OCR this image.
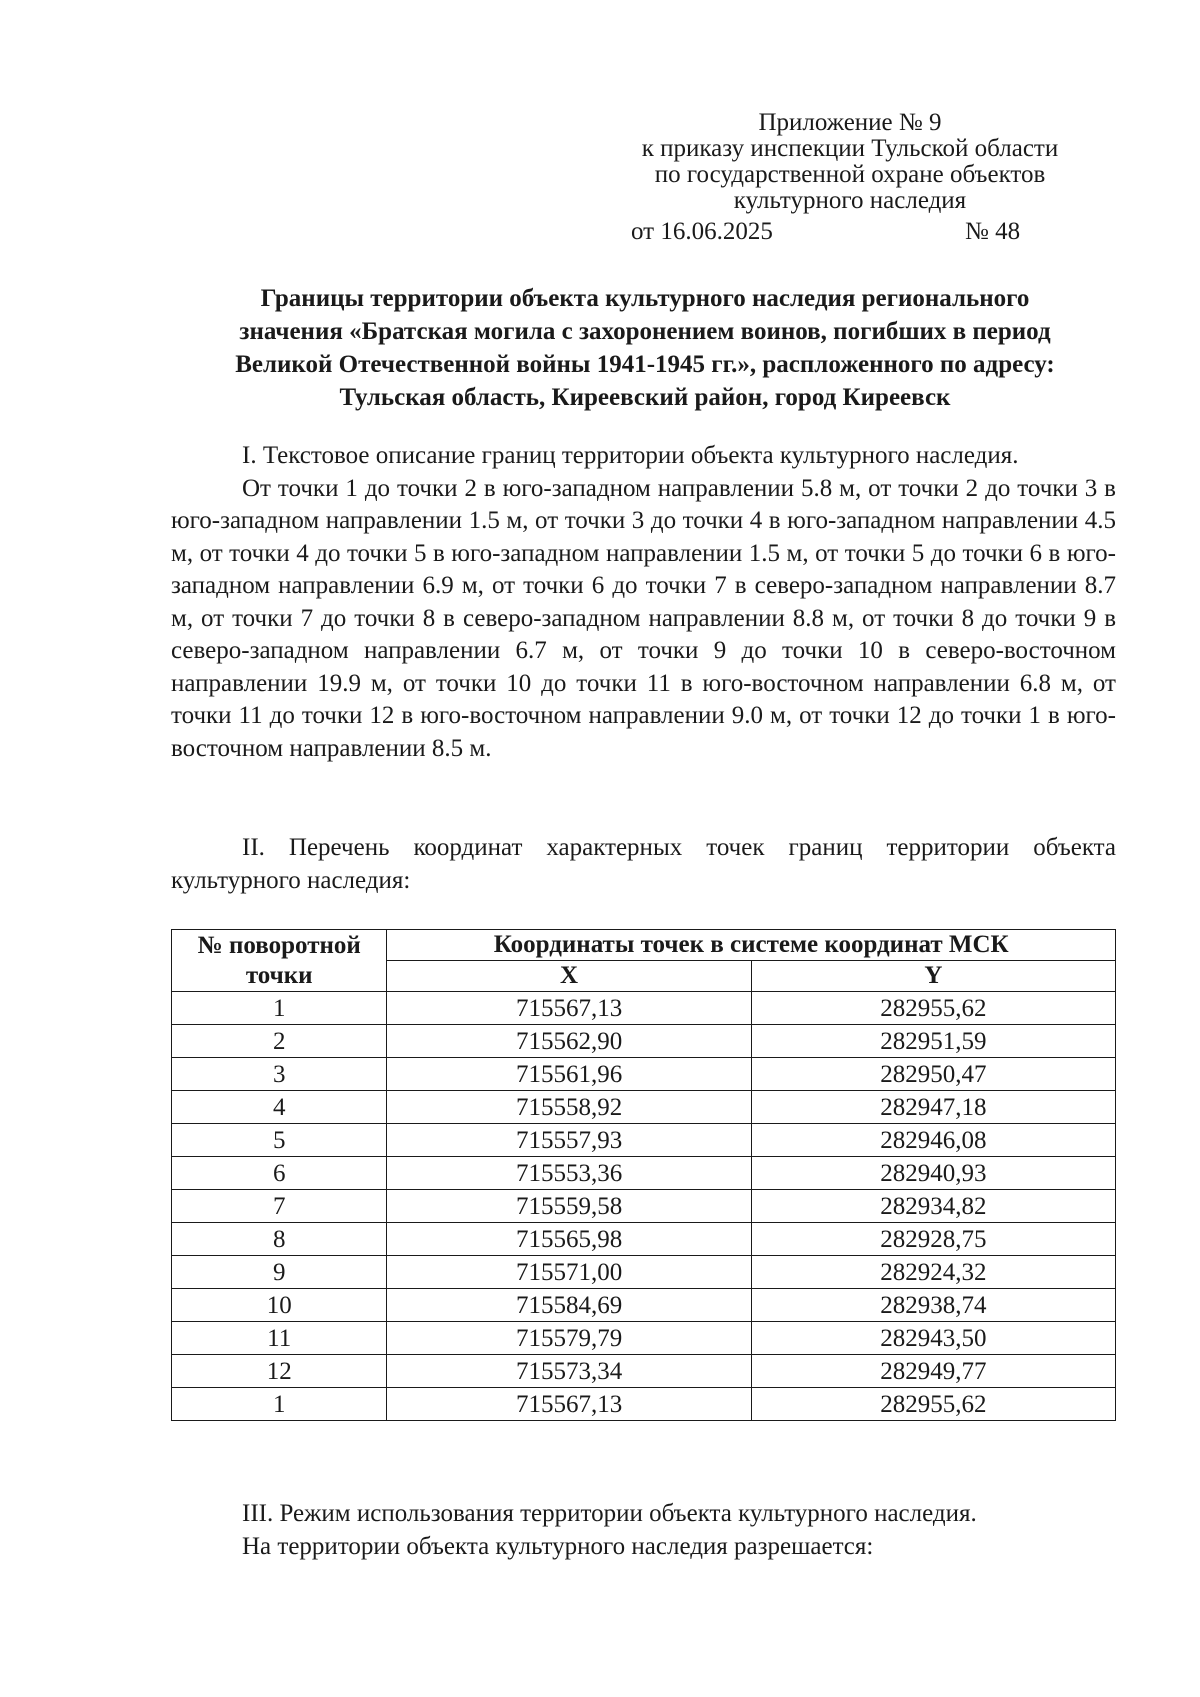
Приложение № 9
к приказу инспекции Тульской области
по государственной охране объектов
культурного наследия
от 16.06.2025	№ 48
Границы территории объекта культурного наследия регионального
значения «Братская могила с захоронением воинов, погибших в период
Великой Отечественной войны 1941-1945 гг.», распложенного по адресу:
Тульская область, Киреевский район, город Киреевск

I. Текстовое описание границ территории объекта культурного наследия.

От точки 1 до точки 2 в юго-западном направлении 5.8 м, от точки 2 до точки 3 в юго-западном направлении 1.5 м, от точки 3 до точки 4 в юго-западном направлении 4.5 м, от точки 4 до точки 5 в юго-западном направлении 1.5 м, от точки 5 до точки 6 в юго-западном направлении 6.9 м, от точки 6 до точки 7 в северо-западном направлении 8.7 м, от точки 7 до точки 8 в северо-западном направлении 8.8 м, от точки 8 до точки 9 в северо-западном направлении 6.7 м, от точки 9 до точки 10 в северо-восточном направлении 19.9 м, от точки 10 до точки 11 в юго-восточном направлении 6.8 м, от точки 11 до точки 12 в юго-восточном направлении 9.0 м, от точки 12 до точки 1 в юго-восточном направлении 8.5 м.

II. Перечень координат характерных точек границ территории объекта культурного наследия:

№ поворотной точки	Координаты точек в системе координат МСК	
	X	Y
1	715567,13	282955,62
2	715562,90	282951,59
3	715561,96	282950,47
4	715558,92	282947,18
5	715557,93	282946,08
6	715553,36	282940,93
7	715559,58	282934,82
8	715565,98	282928,75
9	715571,00	282924,32
10	715584,69	282938,74
11	715579,79	282943,50
12	715573,34	282949,77
1	715567,13	282955,62

III. Режим использования территории объекта культурного наследия.

На территории объекта культурного наследия разрешается:
